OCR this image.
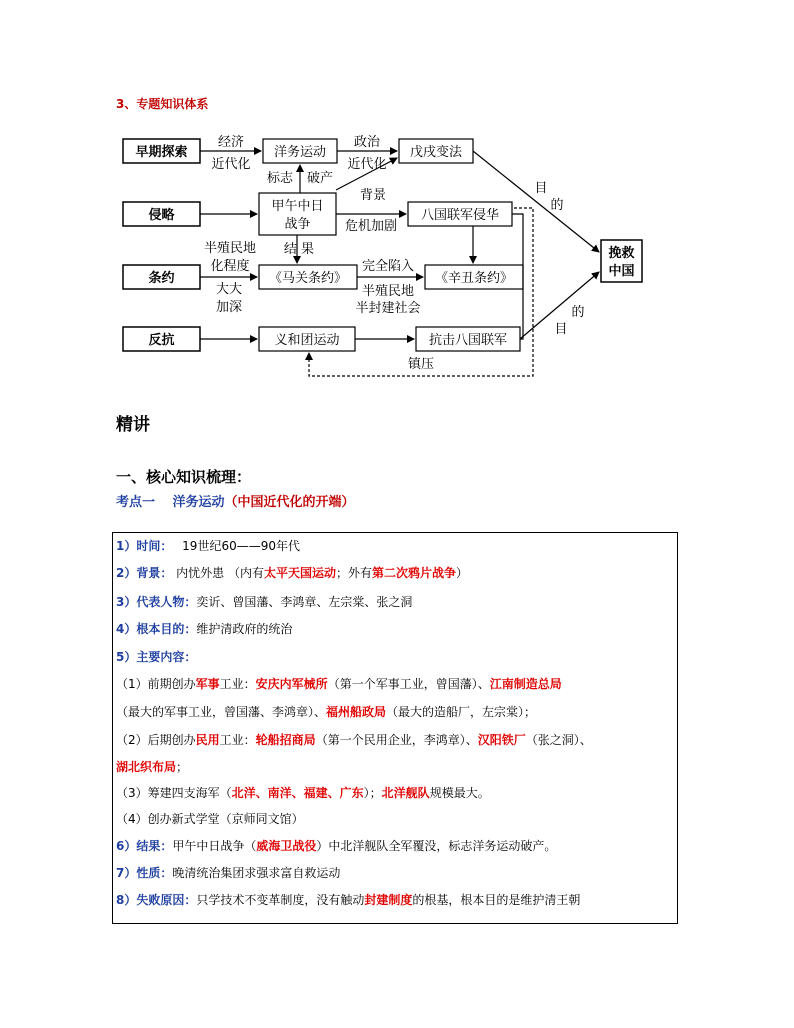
3、专题知识体系
早期探索
侵略
条约
反抗
洋务运动	戊戌变法
甲午中日
战争
八国联军侵华
《马关条约》	《辛丑条约》
义和团运动	抗击八国联军
挽救
中国
经济
近代化
政治
近代化
标志 破产
背景
危机加剧
结 果
半殖民地
化程度
大大
加深
完全陷入
半殖民地
半封建社会
目
的
的
目
镇压
精讲
一、核心知识梳理：
考点一　 洋务运动（中国近代化的开端）
1）时间：　 19世纪60——90年代
2）背景： 内忧外患 （内有太平天国运动；外有第二次鸦片战争）
3）代表人物：奕䜣、曾国藩、李鸿章、左宗棠、张之洞
4）根本目的：维护清政府的统治
5）主要内容：
（1）前期创办军事工业：安庆内军械所（第一个军事工业，曾国藩）、江南制造总局
（最大的军事工业，曾国藩、李鸿章）、福州船政局（最大的造船厂，左宗棠）；
（2）后期创办民用工业：轮船招商局（第一个民用企业，李鸿章）、汉阳铁厂（张之洞）、
湖北织布局；
（3）筹建四支海军（北洋、南洋、福建、广东）；北洋舰队规模最大。
（4）创办新式学堂（京师同文馆）
6）结果：甲午中日战争（威海卫战役）中北洋舰队全军覆没，标志洋务运动破产。
7）性质：晚清统治集团求强求富自救运动
8）失败原因：只学技术不变革制度，没有触动封建制度的根基，根本目的是维护清王朝
